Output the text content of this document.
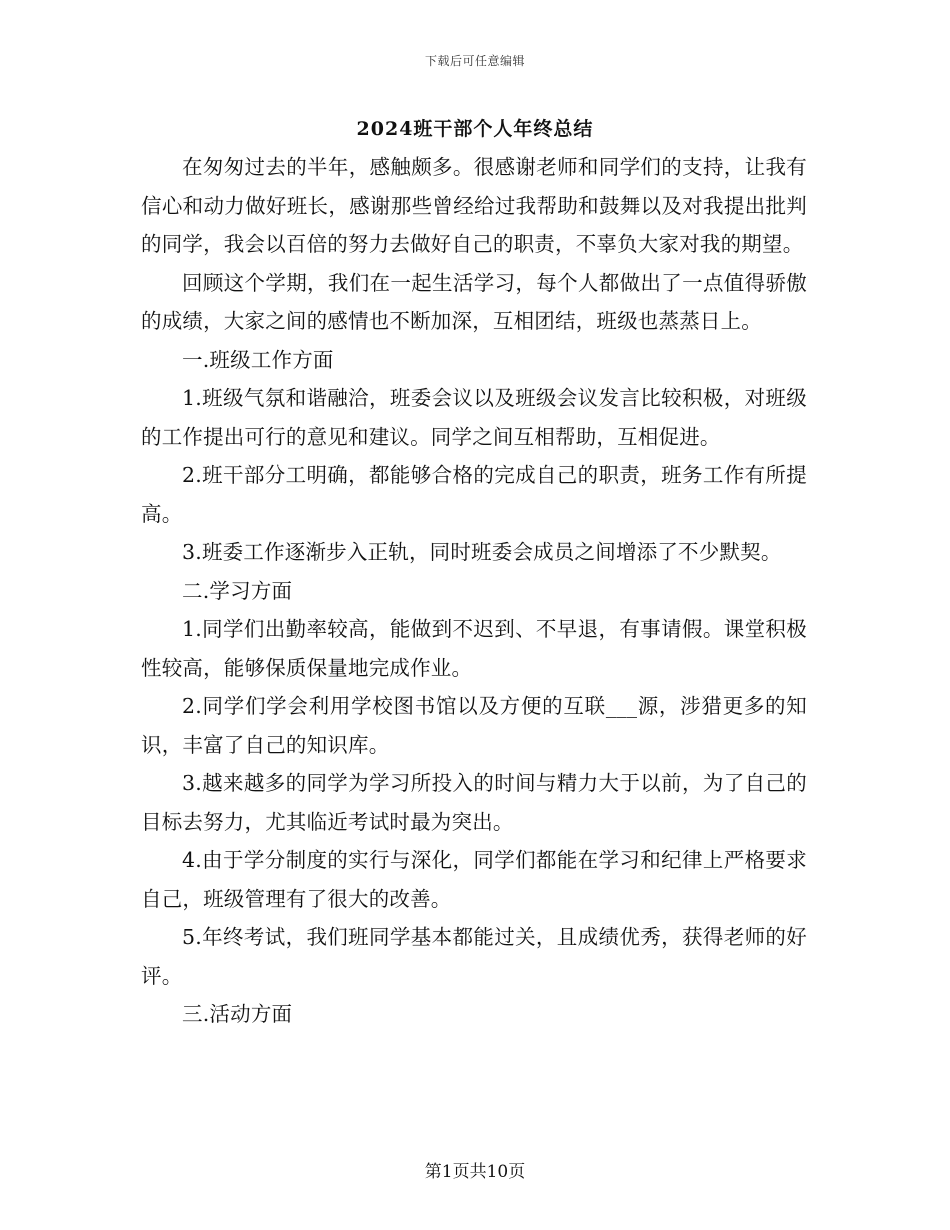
下载后可任意编辑
2024班干部个人年终总结

在匆匆过去的半年，感触颇多。很感谢老师和同学们的支持，让我有信心和动力做好班长，感谢那些曾经给过我帮助和鼓舞以及对我提出批判的同学，我会以百倍的努力去做好自己的职责，不辜负大家对我的期望。

回顾这个学期，我们在一起生活学习，每个人都做出了一点值得骄傲的成绩，大家之间的感情也不断加深，互相团结，班级也蒸蒸日上。

一.班级工作方面

1.班级气氛和谐融洽，班委会议以及班级会议发言比较积极，对班级的工作提出可行的意见和建议。同学之间互相帮助，互相促进。

2.班干部分工明确，都能够合格的完成自己的职责，班务工作有所提高。

3.班委工作逐渐步入正轨，同时班委会成员之间增添了不少默契。

二.学习方面

1.同学们出勤率较高，能做到不迟到、不早退，有事请假。课堂积极性较高，能够保质保量地完成作业。

2.同学们学会利用学校图书馆以及方便的互联___源，涉猎更多的知识，丰富了自己的知识库。

3.越来越多的同学为学习所投入的时间与精力大于以前，为了自己的目标去努力，尤其临近考试时最为突出。

4.由于学分制度的实行与深化，同学们都能在学习和纪律上严格要求自己，班级管理有了很大的改善。

5.年终考试，我们班同学基本都能过关，且成绩优秀，获得老师的好评。

三.活动方面

第1页共10页
